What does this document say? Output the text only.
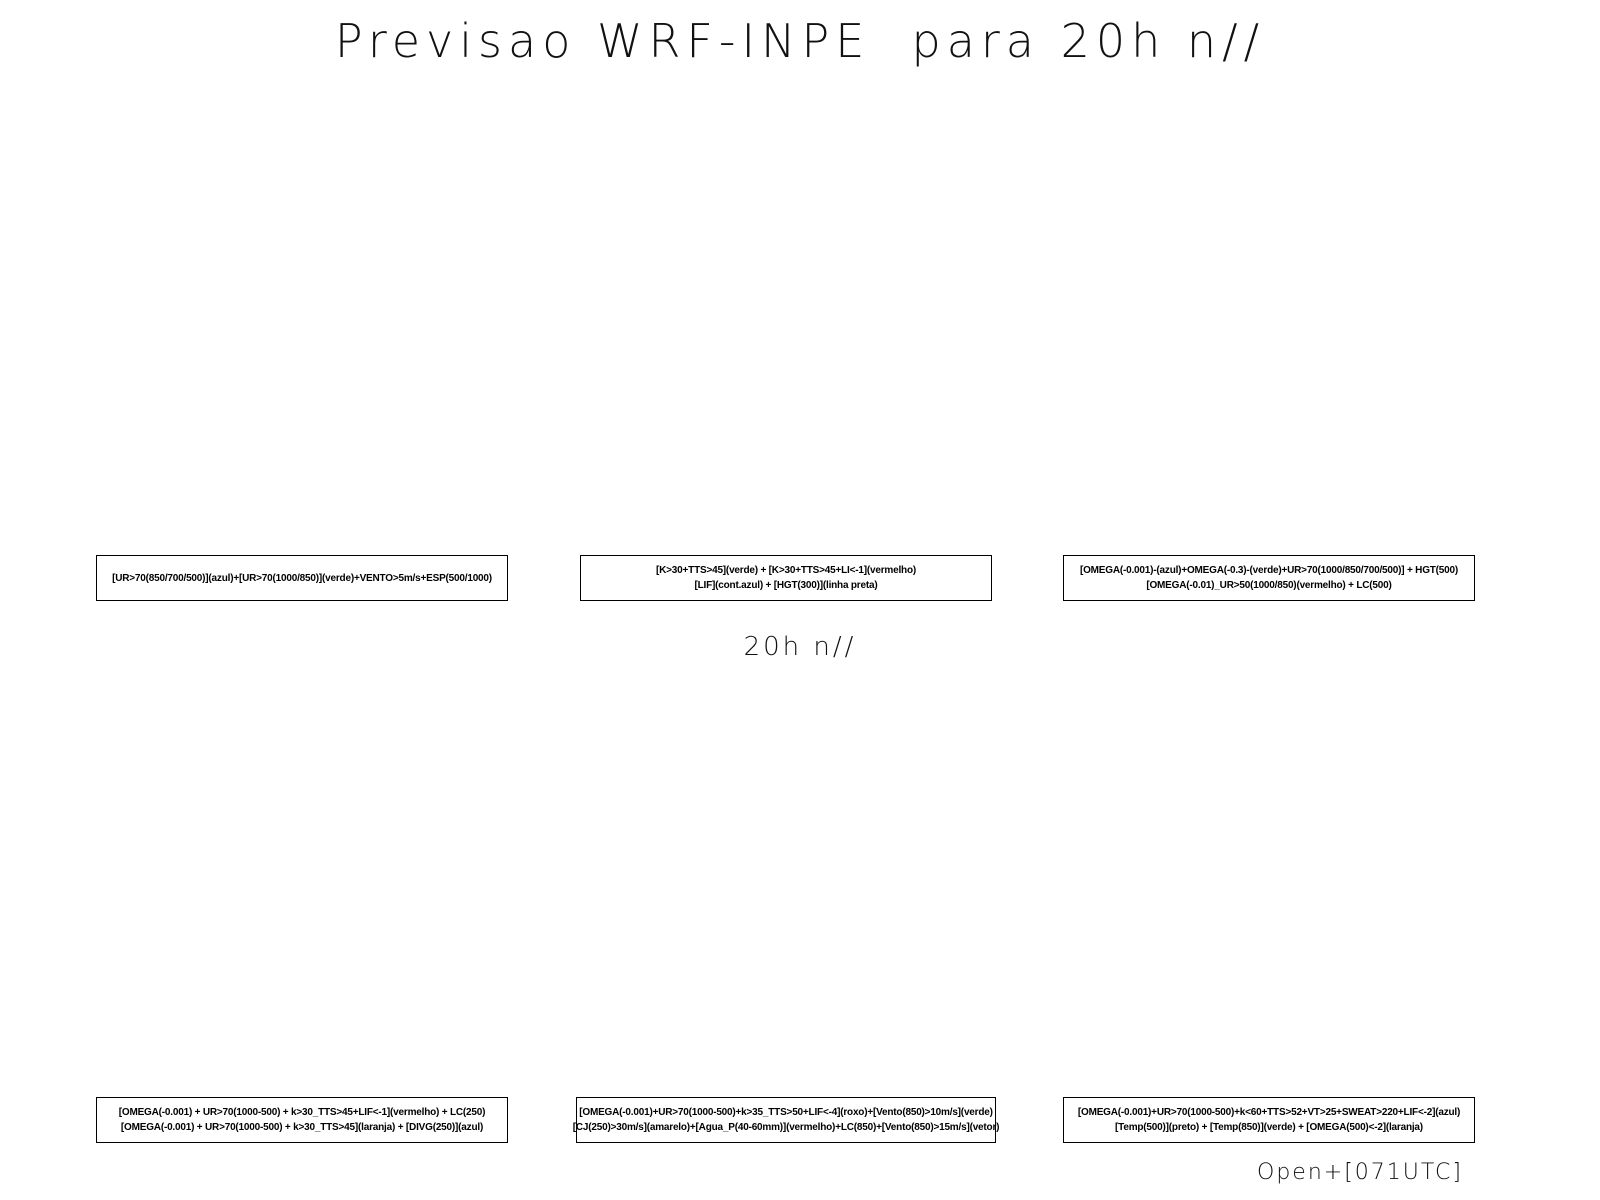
Previsao WRF-INPE  para 20h n//
[UR>70(850/700/500)](azul)+[UR>70(1000/850)](verde)+VENTO>5m/s+ESP(500/1000)
[K>30+TTS>45](verde) + [K>30+TTS>45+LI<-1](vermelho)
[LIF](cont.azul) + [HGT(300)](linha preta)
[OMEGA(-0.001)-(azul)+OMEGA(-0.3)-(verde)+UR>70(1000/850/700/500)] + HGT(500)
[OMEGA(-0.01)_UR>50(1000/850)(vermelho) + LC(500)
20h n//
[OMEGA(-0.001) + UR>70(1000-500) + k>30_TTS>45+LIF<-1](vermelho) + LC(250)
[OMEGA(-0.001) + UR>70(1000-500) + k>30_TTS>45](laranja) + [DIVG(250)](azul)
[OMEGA(-0.001)+UR>70(1000-500)+k>35_TTS>50+LIF<-4](roxo)+[Vento(850)>10m/s](verde)
[CJ(250)>30m/s](amarelo)+[Agua_P(40-60mm)](vermelho)+LC(850)+[Vento(850)>15m/s](vetor)
[OMEGA(-0.001)+UR>70(1000-500)+k<60+TTS>52+VT>25+SWEAT>220+LIF<-2](azul)
[Temp(500)](preto) + [Temp(850)](verde) + [OMEGA(500)<-2](laranja)
Open+[071UTC]
